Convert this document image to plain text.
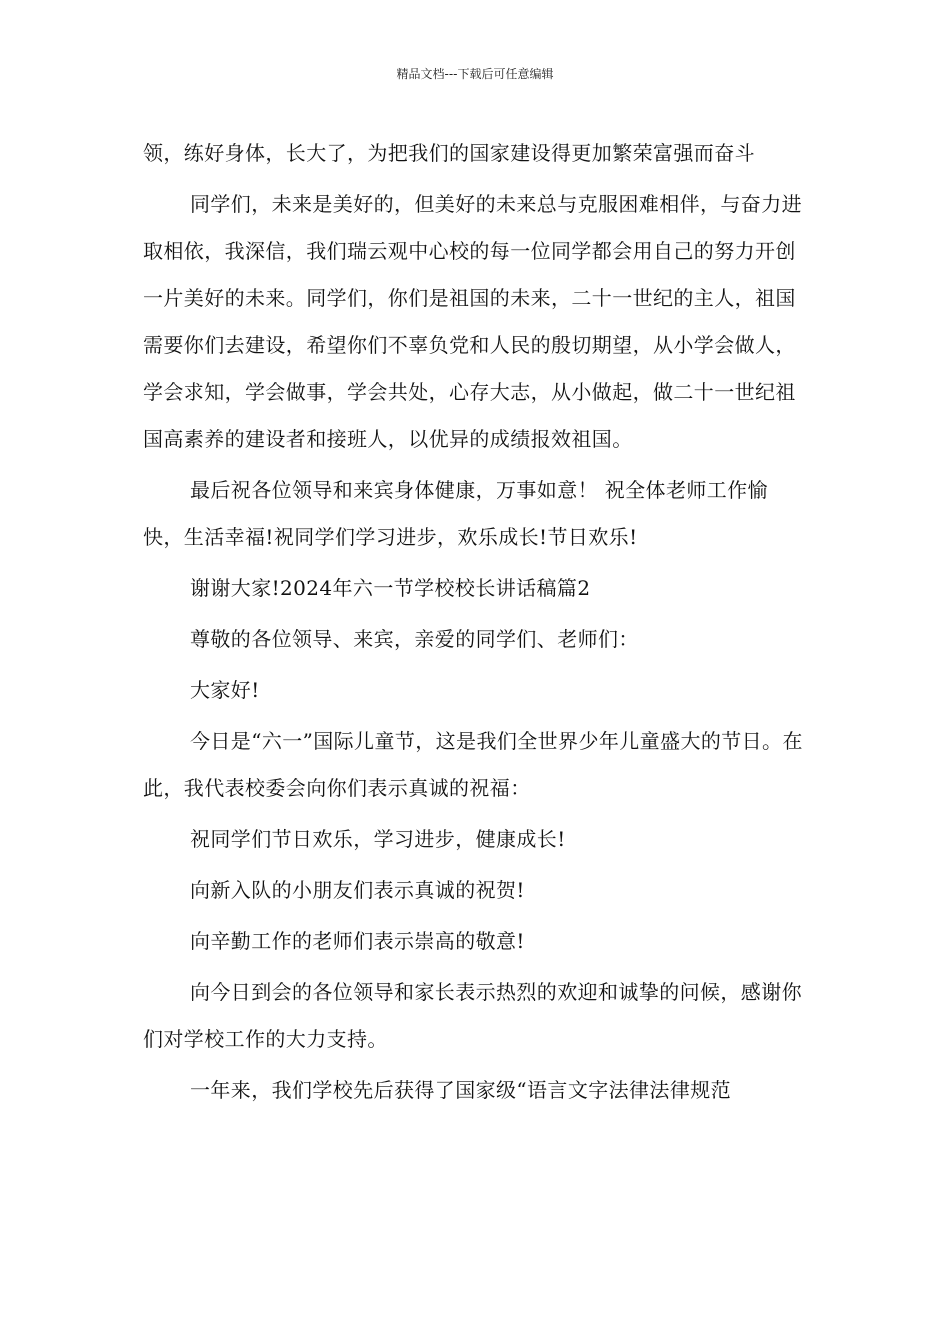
精品文档---下载后可任意编辑

领，练好身体，长大了，为把我们的国家建设得更加繁荣富强而奋斗

同学们，未来是美好的，但美好的未来总与克服困难相伴，与奋力进取相依，我深信，我们瑞云观中心校的每一位同学都会用自己的努力开创一片美好的未来。同学们，你们是祖国的未来，二十一世纪的主人，祖国需要你们去建设，希望你们不辜负党和人民的殷切期望，从小学会做人，学会求知，学会做事，学会共处，心存大志，从小做起，做二十一世纪祖国高素养的建设者和接班人，以优异的成绩报效祖国。

最后祝各位领导和来宾身体健康，万事如意！ 祝全体老师工作愉快，生活幸福!祝同学们学习进步，欢乐成长!节日欢乐!

谢谢大家!2024年六一节学校校长讲话稿篇2

尊敬的各位领导、来宾，亲爱的同学们、老师们：

大家好!

今日是“六一”国际儿童节，这是我们全世界少年儿童盛大的节日。在此，我代表校委会向你们表示真诚的祝福：

祝同学们节日欢乐，学习进步，健康成长!

向新入队的小朋友们表示真诚的祝贺!

向辛勤工作的老师们表示崇高的敬意!

向今日到会的各位领导和家长表示热烈的欢迎和诚挚的问候，感谢你们对学校工作的大力支持。

一年来，我们学校先后获得了国家级“语言文字法律法律规范
